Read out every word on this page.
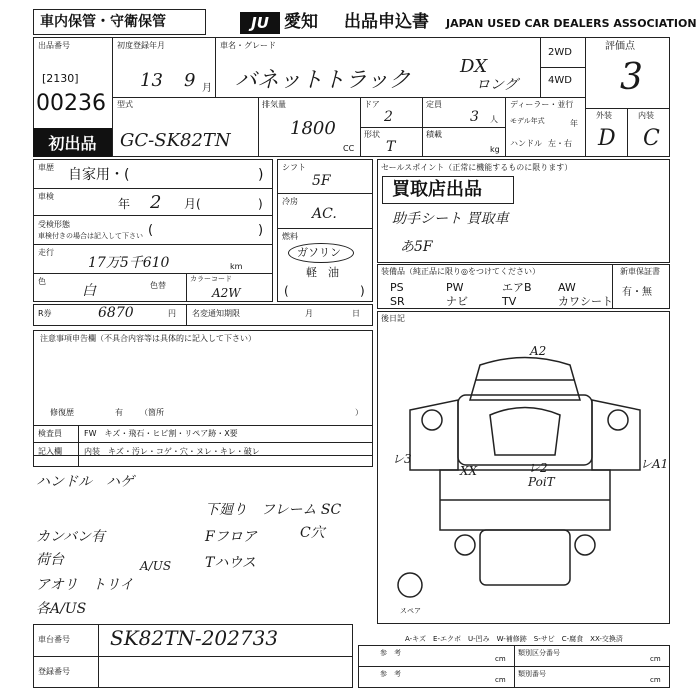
車内保管・守衛保管	JU 愛知 出品申込書 JAPAN USED CAR DEALERS ASSOCIATION
出品番号
[2130]
00236
初出品
初度登録年月
13 9 月
車名・グレード
バネットトラック
DX
ロング
2WD
4WD
評価点
3
外装	内装
D C
型式
GC-SK82TN
排気量
1800
CC
ドア
2
定員
3 人
形状
T
積載
kg
ディーラー・並行
モデル年式	年
ハンドル 左・右
車歴 自家用・(	)
車検
年 2 月(	)
受検形態
車検付きの場合は記入して下さい (	)
走行
17万5千610	km
色
白	色替
カラーコード
A2W
R券	6870	円 名変通知期限	月	日
シフト
5F
冷房
AC.
燃料
ガソリン
軽　油
(	)
セールスポイント（正常に機能するものに限ります）
買取店出品
助手シート 買取車
あ5F
装備品（純正品に限り◎をつけてください）
PS	PW	エアB AW
SR	ナビ	TV	カワシート
新車保証書
有・無
注意事項申告欄（不具合内容等は具体的に記入して下さい）
修復歴	有 （箇所	）
検査員
記入欄
FW　キズ・飛石・ヒビ割・リペア跡・X要
内装　キズ・汚レ・コゲ・穴・ヌレ・キレ・破レ
後日記
ハンドル　ハゲ
カンバン有
荷台	A/US
アオリ　トリイ
各A/US
下廻り　フレーム SC
Fフロア	C穴
Tハウス
A2
レ3	レA1
XX	レ2
PoiT
スペア
A-キズ　E-エクボ　U-凹み　W-補修跡　S-サビ　C-腐食　XX-交換済
車台番号 SK82TN-202733
登録番号
参　考
参　考
cm
cm
類別区分番号
類別番号
cm
cm
